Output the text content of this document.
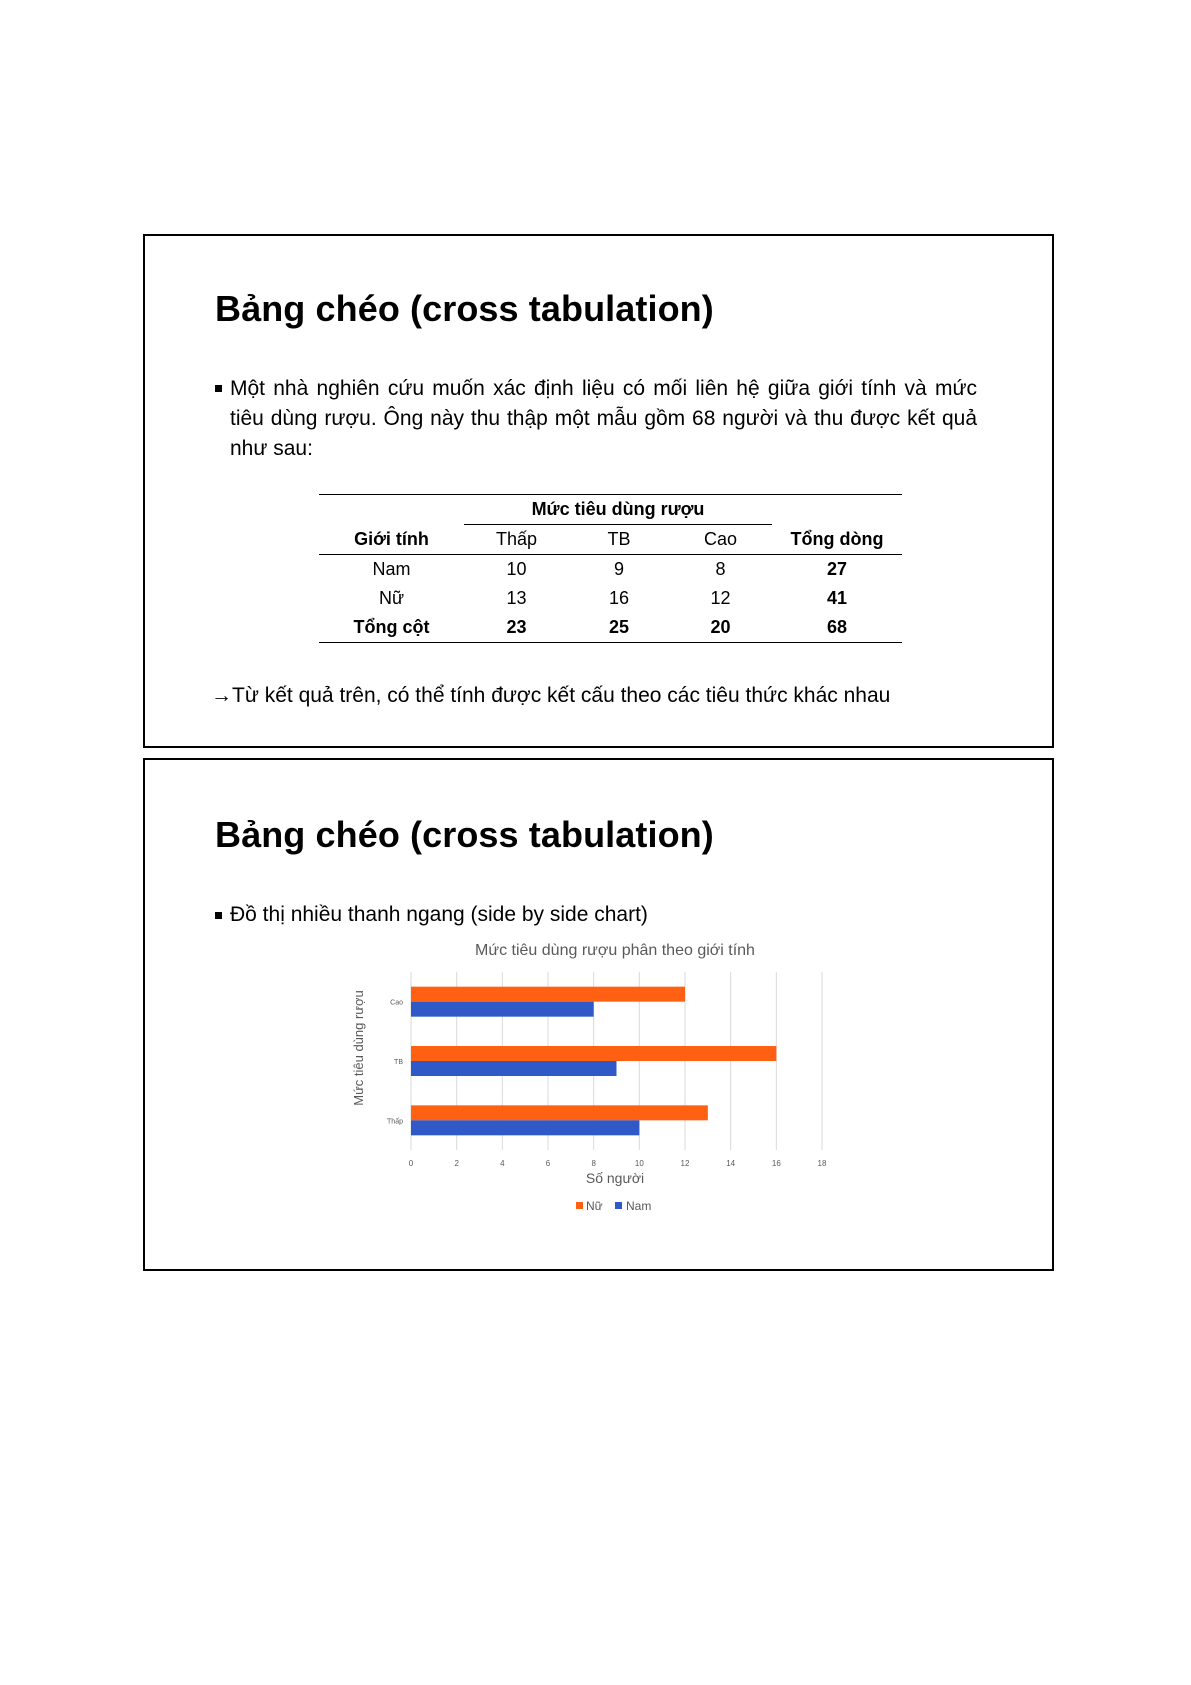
Bảng chéo (cross tabulation)
Một nhà nghiên cứu muốn xác định liệu có mối liên hệ giữa giới tính và mức tiêu dùng rượu. Ông này thu thập một mẫu gồm 68 người và thu được kết quả như sau:
	Mức tiêu dùng rượu			
Giới tính	Thấp	TB	Cao	Tổng dòng
Nam	10	9	8	27
Nữ	13	16	12	41
Tổng cột	23	25	20	68
→Từ kết quả trên, có thể tính được kết cấu theo các tiêu thức khác nhau
Bảng chéo (cross tabulation)
Đồ thị nhiều thanh ngang (side by side chart)
Mức tiêu dùng rượu phân theo giới tính
0	2	4	6	8	10	12	14	16	18
Thấp
TB
Cao
Mức tiêu dùng rượu
Số người
Nữ Nam
